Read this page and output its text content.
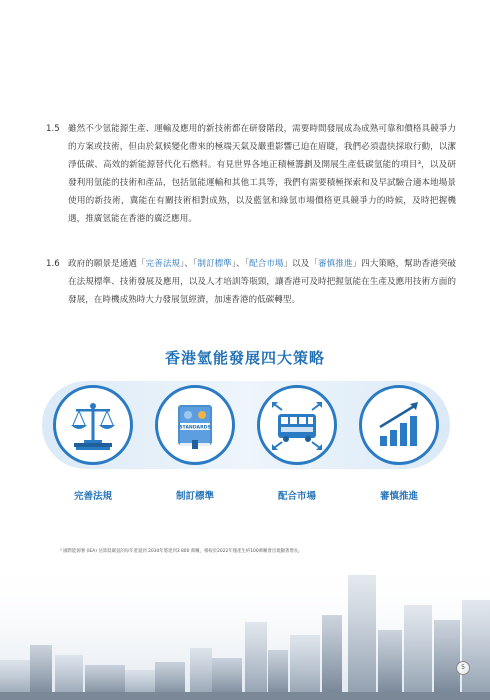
1.5 雖然不少氫能源生產、運輸及應用的新技術都在研發階段，需要時間發展成為成熟可靠和價格具競爭力的方案或技術，但由於氣候變化帶來的極端天氣及嚴重影響已迫在眉睫，我們必須盡快採取行動，以潔淨低碳、高效的新能源替代化石燃料。有見世界各地正積極籌劃及開展生產低碳氫能的項目³，以及研發利用氫能的技術和產品，包括氫能運輸和其他工具等，我們有需要積極探索和及早試驗合適本地場景使用的新技術，冀能在有關技術相對成熟，以及藍氫和綠氫市場價格更具競爭力的時候，及時把握機遇，推廣氫能在香港的廣泛應用。
1.6 政府的願景是通過「完善法規」、「制訂標準」、「配合市場」以及「審慎推進」四大策略，幫助香港突破在法規標準、技術發展及應用，以及人才培訓等瓶頸，讓香港可及時把握氫能在生產及應用技術方面的發展，在時機成熟時大力發展氫經濟，加速香港的低碳轉型。
香港氫能發展四大策略
STANDARDS
完善法規	制訂標準	配合市場	審慎推進
³ 國際能源署 (IEA) 估算低碳氫的每年產量到 2030年將達到3 800 萬噸，相較於2022年僅產生約100萬噸會出現顯著增長。
5
